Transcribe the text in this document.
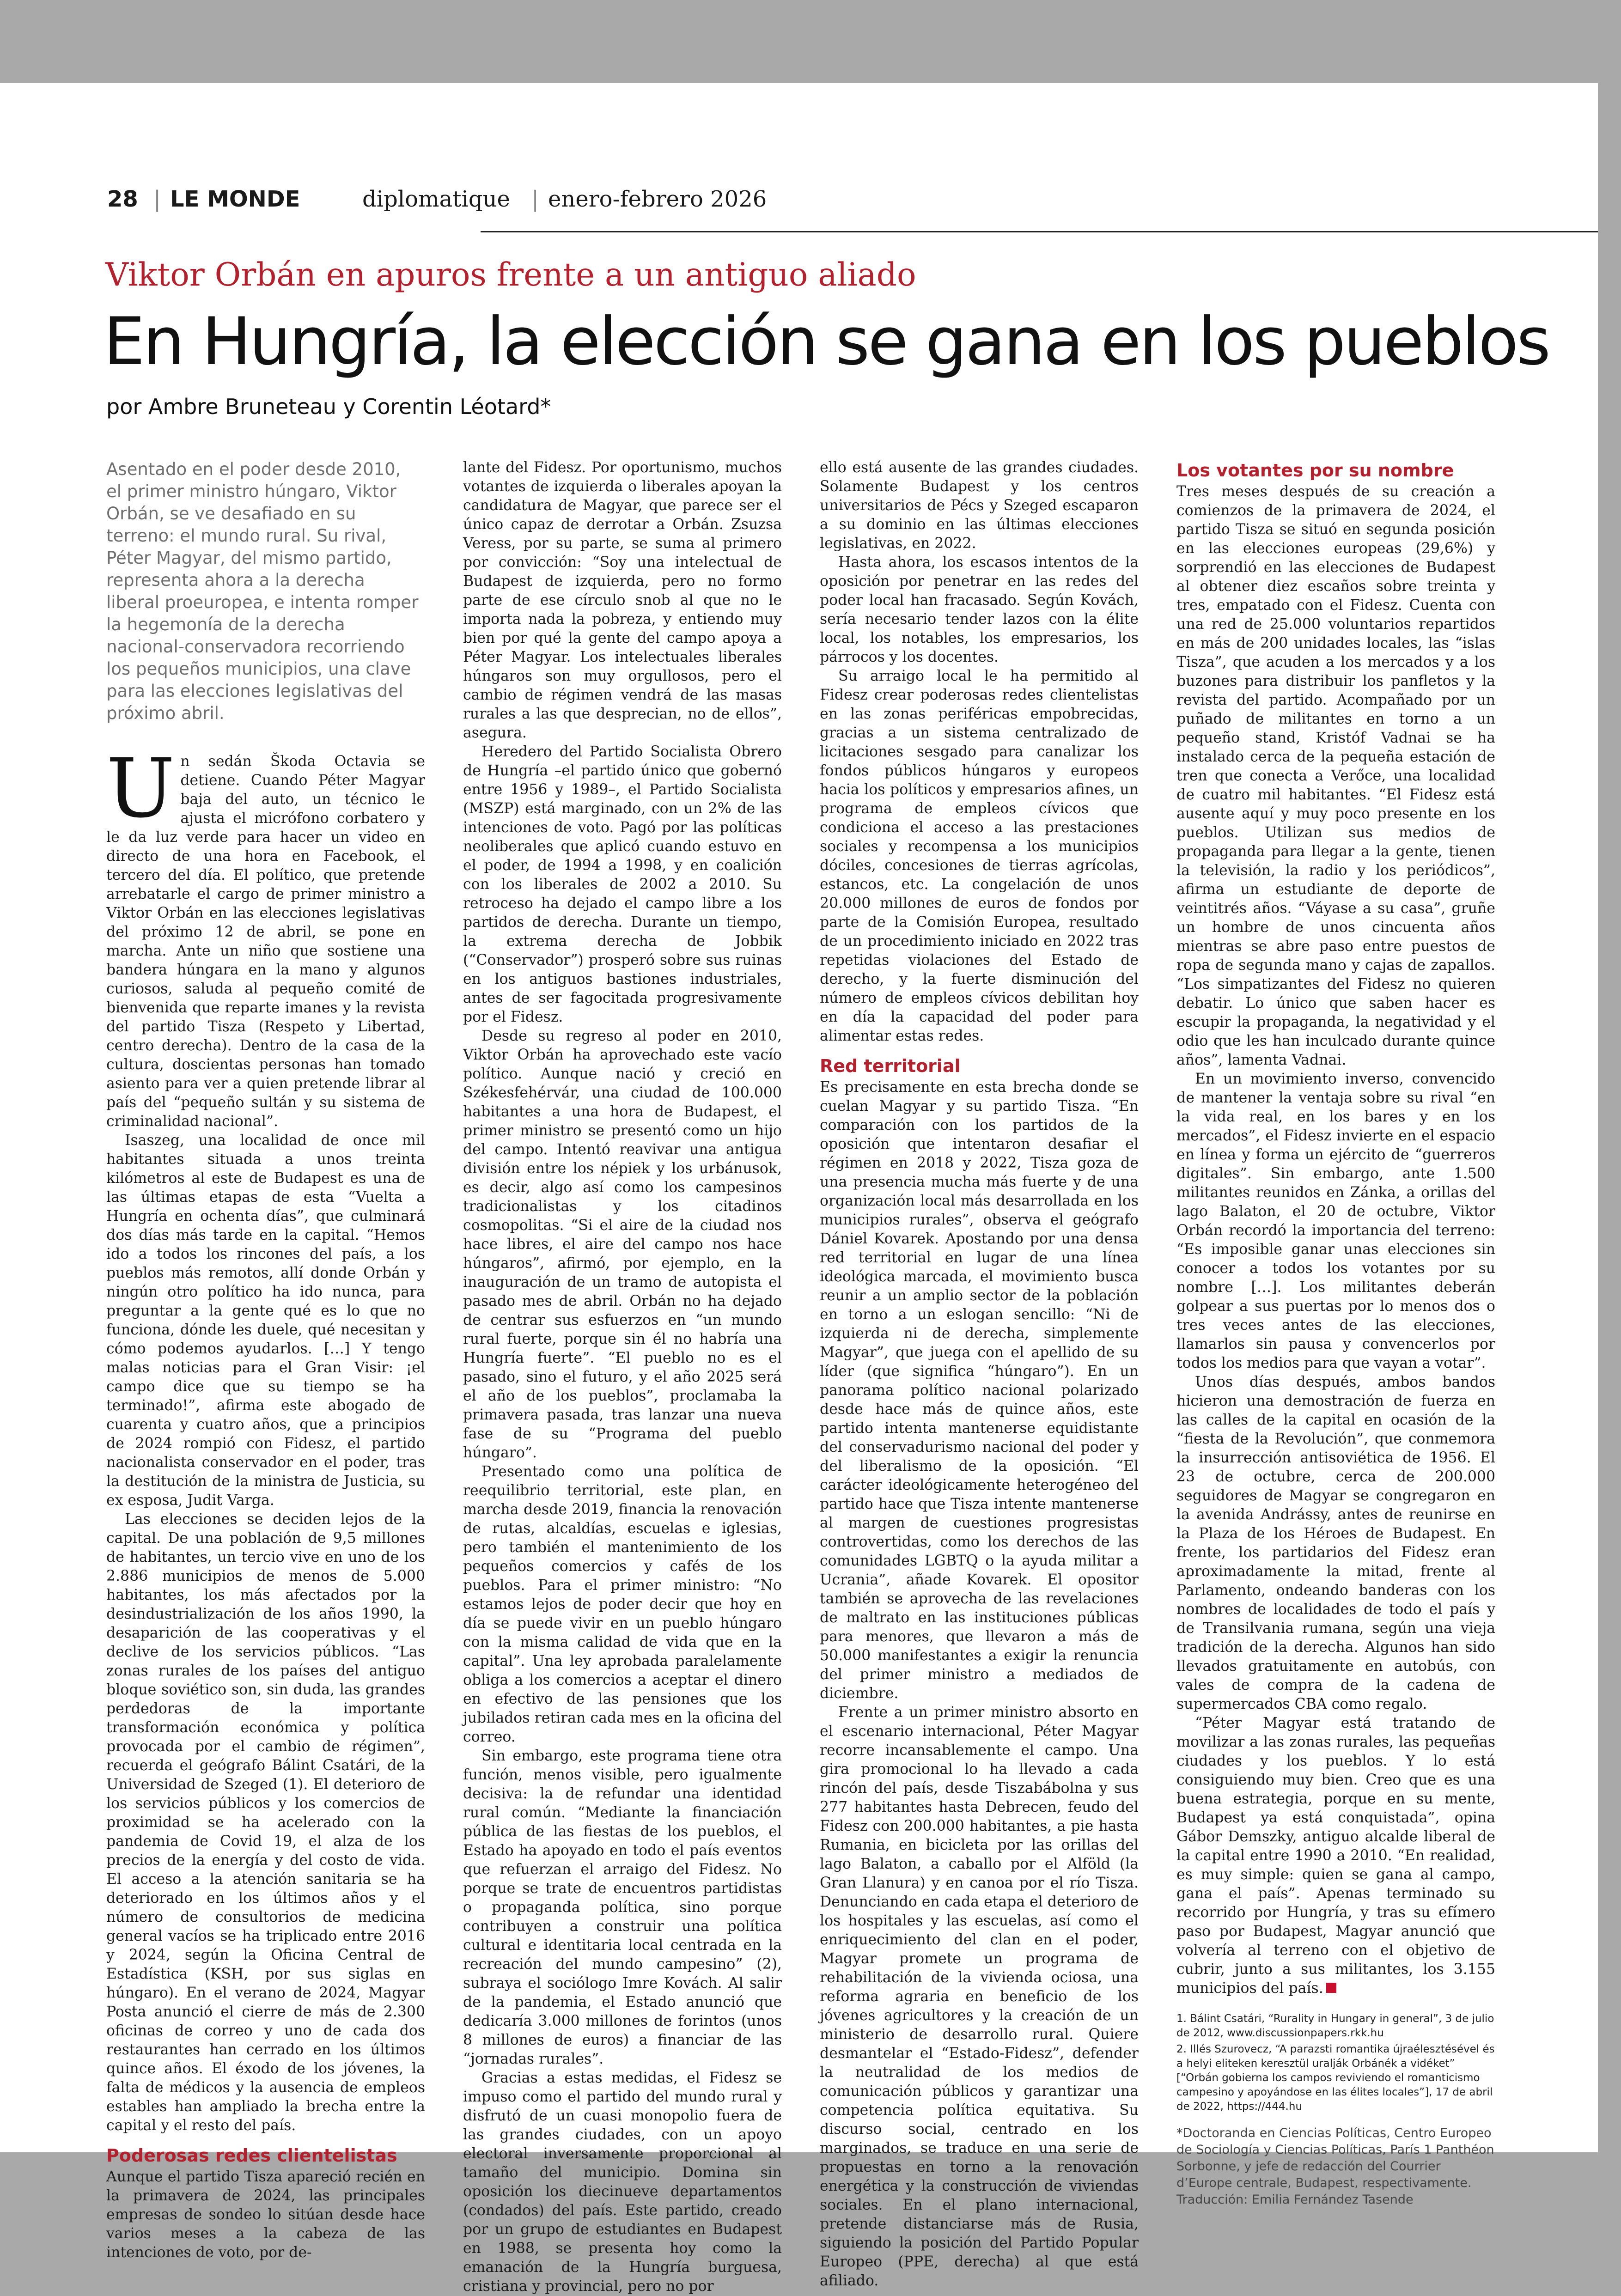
28 | LE MONDE	diplomatique | enero-febrero 2026
Viktor Orbán en apuros frente a un antiguo aliado
En Hungría, la elección se gana en los pueblos
por Ambre Bruneteau y Corentin Léotard*
Asentado en el poder desde 2010, el primer ministro húngaro, Viktor Orbán, se ve desafiado en su terreno: el mundo rural. Su rival, Péter Magyar, del mismo partido, representa ahora a la derecha liberal proeuropea, e intenta romper la hegemonía de la derecha nacional-conservadora recorriendo los pequeños municipios, una clave para las elecciones legislativas del próximo abril.

Un sedán Škoda Octavia se detiene. Cuando Péter Magyar baja del auto, un técnico le ajusta el micrófono corbatero y le da luz verde para hacer un video en directo de una hora en Facebook, el tercero del día. El político, que pretende arrebatarle el cargo de primer ministro a Viktor Orbán en las elecciones legislativas del próximo 12 de abril, se pone en marcha. Ante un niño que sostiene una bandera húngara en la mano y algunos curiosos, saluda al pequeño comité de bienvenida que reparte imanes y la revista del partido Tisza (Respeto y Libertad, centro derecha). Dentro de la casa de la cultura, doscientas personas han tomado asiento para ver a quien pretende librar al país del “pequeño sultán y su sistema de criminalidad nacional”.

Isaszeg, una localidad de once mil habitantes situada a unos treinta kilómetros al este de Budapest es una de las últimas etapas de esta “Vuelta a Hungría en ochenta días”, que culminará dos días más tarde en la capital. “Hemos ido a todos los rincones del país, a los pueblos más remotos, allí donde Orbán y ningún otro político ha ido nunca, para preguntar a la gente qué es lo que no funciona, dónde les duele, qué necesitan y cómo podemos ayudarlos. […] Y tengo malas noticias para el Gran Visir: ¡el campo dice que su tiempo se ha terminado!”, afirma este abogado de cuarenta y cuatro años, que a principios de 2024 rompió con Fidesz, el partido nacionalista conservador en el poder, tras la destitución de la ministra de Justicia, su ex esposa, Judit Varga.

Las elecciones se deciden lejos de la capital. De una población de 9,5 millones de habitantes, un tercio vive en uno de los 2.886 municipios de menos de 5.000 habitantes, los más afectados por la desindustrialización de los años 1990, la desaparición de las cooperativas y el declive de los servicios públicos. “Las zonas rurales de los países del antiguo bloque soviético son, sin duda, las grandes perdedoras de la importante transformación económica y política provocada por el cambio de régimen”, recuerda el geógrafo Bálint Csatári, de la Universidad de Szeged (1). El deterioro de los servicios públicos y los comercios de proximidad se ha acelerado con la pandemia de Covid 19, el alza de los precios de la energía y del costo de vida. El acceso a la atención sanitaria se ha deteriorado en los últimos años y el número de consultorios de medicina general vacíos se ha triplicado entre 2016 y 2024, según la Oficina Central de Estadística (KSH, por sus siglas en húngaro). En el verano de 2024, Magyar Posta anunció el cierre de más de 2.300 oficinas de correo y uno de cada dos restaurantes han cerrado en los últimos quince años. El éxodo de los jóvenes, la falta de médicos y la ausencia de empleos estables han ampliado la brecha entre la capital y el resto del país.

Poderosas redes clientelistas

Aunque el partido Tisza apareció recién en la primavera de 2024, las principales empresas de sondeo lo sitúan desde hace varios meses a la cabeza de las intenciones de voto, por de-

lante del Fidesz. Por oportunismo, muchos votantes de izquierda o liberales apoyan la candidatura de Magyar, que parece ser el único capaz de derrotar a Orbán. Zsuzsa Veress, por su parte, se suma al primero por convicción: “Soy una intelectual de Budapest de izquierda, pero no formo parte de ese círculo snob al que no le importa nada la pobreza, y entiendo muy bien por qué la gente del campo apoya a Péter Magyar. Los intelectuales liberales húngaros son muy orgullosos, pero el cambio de régimen vendrá de las masas rurales a las que desprecian, no de ellos”, asegura.

Heredero del Partido Socialista Obrero de Hungría –el partido único que gobernó entre 1956 y 1989–, el Partido Socialista (MSZP) está marginado, con un 2% de las intenciones de voto. Pagó por las políticas neoliberales que aplicó cuando estuvo en el poder, de 1994 a 1998, y en coalición con los liberales de 2002 a 2010. Su retroceso ha dejado el campo libre a los partidos de derecha. Durante un tiempo, la extrema derecha de Jobbik (“Conservador”) prosperó sobre sus ruinas en los antiguos bastiones industriales, antes de ser fagocitada progresivamente por el Fidesz.

Desde su regreso al poder en 2010, Viktor Orbán ha aprovechado este vacío político. Aunque nació y creció en Székesfehérvár, una ciudad de 100.000 habitantes a una hora de Budapest, el primer ministro se presentó como un hijo del campo. Intentó reavivar una antigua división entre los népiek y los urbánusok, es decir, algo así como los campesinos tradicionalistas y los citadinos cosmopolitas. “Si el aire de la ciudad nos hace libres, el aire del campo nos hace húngaros”, afirmó, por ejemplo, en la inauguración de un tramo de autopista el pasado mes de abril. Orbán no ha dejado de centrar sus esfuerzos en “un mundo rural fuerte, porque sin él no habría una Hungría fuerte”. “El pueblo no es el pasado, sino el futuro, y el año 2025 será el año de los pueblos”, proclamaba la primavera pasada, tras lanzar una nueva fase de su “Programa del pueblo húngaro”.

Presentado como una política de reequilibrio territorial, este plan, en marcha desde 2019, financia la renovación de rutas, alcaldías, escuelas e iglesias, pero también el mantenimiento de los pequeños comercios y cafés de los pueblos. Para el primer ministro: “No estamos lejos de poder decir que hoy en día se puede vivir en un pueblo húngaro con la misma calidad de vida que en la capital”. Una ley aprobada paralelamente obliga a los comercios a aceptar el dinero en efectivo de las pensiones que los jubilados retiran cada mes en la oficina del correo.

Sin embargo, este programa tiene otra función, menos visible, pero igualmente decisiva: la de refundar una identidad rural común. “Mediante la financiación pública de las fiestas de los pueblos, el Estado ha apoyado en todo el país eventos que refuerzan el arraigo del Fidesz. No porque se trate de encuentros partidistas o propaganda política, sino porque contribuyen a construir una política cultural e identitaria local centrada en la recreación del mundo campesino” (2), subraya el sociólogo Imre Kovách. Al salir de la pandemia, el Estado anunció que dedicaría 3.000 millones de forintos (unos 8 millones de euros) a financiar de las “jornadas rurales”.

Gracias a estas medidas, el Fidesz se impuso como el partido del mundo rural y disfrutó de un cuasi monopolio fuera de las grandes ciudades, con un apoyo electoral inversamente proporcional al tamaño del municipio. Domina sin oposición los diecinueve departamentos (condados) del país. Este partido, creado por un grupo de estudiantes en Budapest en 1988, se presenta hoy como la emanación de la Hungría burguesa, cristiana y provincial, pero no por

ello está ausente de las grandes ciudades. Solamente Budapest y los centros universitarios de Pécs y Szeged escaparon a su dominio en las últimas elecciones legislativas, en 2022.

Hasta ahora, los escasos intentos de la oposición por penetrar en las redes del poder local han fracasado. Según Kovách, sería necesario tender lazos con la élite local, los notables, los empresarios, los párrocos y los docentes.

Su arraigo local le ha permitido al Fidesz crear poderosas redes clientelistas en las zonas periféricas empobrecidas, gracias a un sistema centralizado de licitaciones sesgado para canalizar los fondos públicos húngaros y europeos hacia los políticos y empresarios afines, un programa de empleos cívicos que condiciona el acceso a las prestaciones sociales y recompensa a los municipios dóciles, concesiones de tierras agrícolas, estancos, etc. La congelación de unos 20.000 millones de euros de fondos por parte de la Comisión Europea, resultado de un procedimiento iniciado en 2022 tras repetidas violaciones del Estado de derecho, y la fuerte disminución del número de empleos cívicos debilitan hoy en día la capacidad del poder para alimentar estas redes.

Red territorial

Es precisamente en esta brecha donde se cuelan Magyar y su partido Tisza. “En comparación con los partidos de la oposición que intentaron desafiar el régimen en 2018 y 2022, Tisza goza de una presencia mucha más fuerte y de una organización local más desarrollada en los municipios rurales”, observa el geógrafo Dániel Kovarek. Apostando por una densa red territorial en lugar de una línea ideológica marcada, el movimiento busca reunir a un amplio sector de la población en torno a un eslogan sencillo: “Ni de izquierda ni de derecha, simplemente Magyar”, que juega con el apellido de su líder (que significa “húngaro”). En un panorama político nacional polarizado desde hace más de quince años, este partido intenta mantenerse equidistante del conservadurismo nacional del poder y del liberalismo de la oposición. “El carácter ideológicamente heterogéneo del partido hace que Tisza intente mantenerse al margen de cuestiones progresistas controvertidas, como los derechos de las comunidades LGBTQ o la ayuda militar a Ucrania”, añade Kovarek. El opositor también se aprovecha de las revelaciones de maltrato en las instituciones públicas para menores, que llevaron a más de 50.000 manifestantes a exigir la renuncia del primer ministro a mediados de diciembre.

Frente a un primer ministro absorto en el escenario internacional, Péter Magyar recorre incansablemente el campo. Una gira promocional lo ha llevado a cada rincón del país, desde Tiszabábolna y sus 277 habitantes hasta Debrecen, feudo del Fidesz con 200.000 habitantes, a pie hasta Rumania, en bicicleta por las orillas del lago Balaton, a caballo por el Alföld (la Gran Llanura) y en canoa por el río Tisza. Denunciando en cada etapa el deterioro de los hospitales y las escuelas, así como el enriquecimiento del clan en el poder, Magyar promete un programa de rehabilitación de la vivienda ociosa, una reforma agraria en beneficio de los jóvenes agricultores y la creación de un ministerio de desarrollo rural. Quiere desmantelar el “Estado-Fidesz”, defender la neutralidad de los medios de comunicación públicos y garantizar una competencia política equitativa. Su discurso social, centrado en los marginados, se traduce en una serie de propuestas en torno a la renovación energética y la construcción de viviendas sociales. En el plano internacional, pretende distanciarse más de Rusia, siguiendo la posición del Partido Popular Europeo (PPE, derecha) al que está afiliado.

Los votantes por su nombre

Tres meses después de su creación a comienzos de la primavera de 2024, el partido Tisza se situó en segunda posición en las elecciones europeas (29,6%) y sorprendió en las elecciones de Budapest al obtener diez escaños sobre treinta y tres, empatado con el Fidesz. Cuenta con una red de 25.000 voluntarios repartidos en más de 200 unidades locales, las “islas Tisza”, que acuden a los mercados y a los buzones para distribuir los panfletos y la revista del partido. Acompañado por un puñado de militantes en torno a un pequeño stand, Kristóf Vadnai se ha instalado cerca de la pequeña estación de tren que conecta a Verőce, una localidad de cuatro mil habitantes. “El Fidesz está ausente aquí y muy poco presente en los pueblos. Utilizan sus medios de propaganda para llegar a la gente, tienen la televisión, la radio y los periódicos”, afirma un estudiante de deporte de veintitrés años. “Váyase a su casa”, gruñe un hombre de unos cincuenta años mientras se abre paso entre puestos de ropa de segunda mano y cajas de zapallos. “Los simpatizantes del Fidesz no quieren debatir. Lo único que saben hacer es escupir la propaganda, la negatividad y el odio que les han inculcado durante quince años”, lamenta Vadnai.

En un movimiento inverso, convencido de mantener la ventaja sobre su rival “en la vida real, en los bares y en los mercados”, el Fidesz invierte en el espacio en línea y forma un ejército de “guerreros digitales”. Sin embargo, ante 1.500 militantes reunidos en Zánka, a orillas del lago Balaton, el 20 de octubre, Viktor Orbán recordó la importancia del terreno: “Es imposible ganar unas elecciones sin conocer a todos los votantes por su nombre […]. Los militantes deberán golpear a sus puertas por lo menos dos o tres veces antes de las elecciones, llamarlos sin pausa y convencerlos por todos los medios para que vayan a votar”.

Unos días después, ambos bandos hicieron una demostración de fuerza en las calles de la capital en ocasión de la “fiesta de la Revolución”, que conmemora la insurrección antisoviética de 1956. El 23 de octubre, cerca de 200.000 seguidores de Magyar se congregaron en la avenida Andrássy, antes de reunirse en la Plaza de los Héroes de Budapest. En frente, los partidarios del Fidesz eran aproximadamente la mitad, frente al Parlamento, ondeando banderas con los nombres de localidades de todo el país y de Transilvania rumana, según una vieja tradición de la derecha. Algunos han sido llevados gratuitamente en autobús, con vales de compra de la cadena de supermercados CBA como regalo.

“Péter Magyar está tratando de movilizar a las zonas rurales, las pequeñas ciudades y los pueblos. Y lo está consiguiendo muy bien. Creo que es una buena estrategia, porque en su mente, Budapest ya está conquistada”, opina Gábor Demszky, antiguo alcalde liberal de la capital entre 1990 a 2010. “En realidad, es muy simple: quien se gana al campo, gana el país”. Apenas terminado su recorrido por Hungría, y tras su efímero paso por Budapest, Magyar anunció que volvería al terreno con el objetivo de cubrir, junto a sus militantes, los 3.155 municipios del país.

1. Bálint Csatári, “Rurality in Hungary in general”, 3 de julio de 2012, www.discussionpapers.rkk.hu

2. Illés Szurovecz, “A parazsti romantika újraélesztésével és a helyi eliteken keresztül uralják Orbánék a vidéket” [“Orbán gobierna los campos reviviendo el romanticismo campesino y apoyándose en las élites locales”], 17 de abril de 2022, https://444.hu

*Doctoranda en Ciencias Políticas, Centro Europeo de Sociología y Ciencias Políticas, París 1 Panthéon Sorbonne, y jefe de redacción del Courrier d’Europe centrale, Budapest, respectivamente.

Traducción: Emilia Fernández Tasende
